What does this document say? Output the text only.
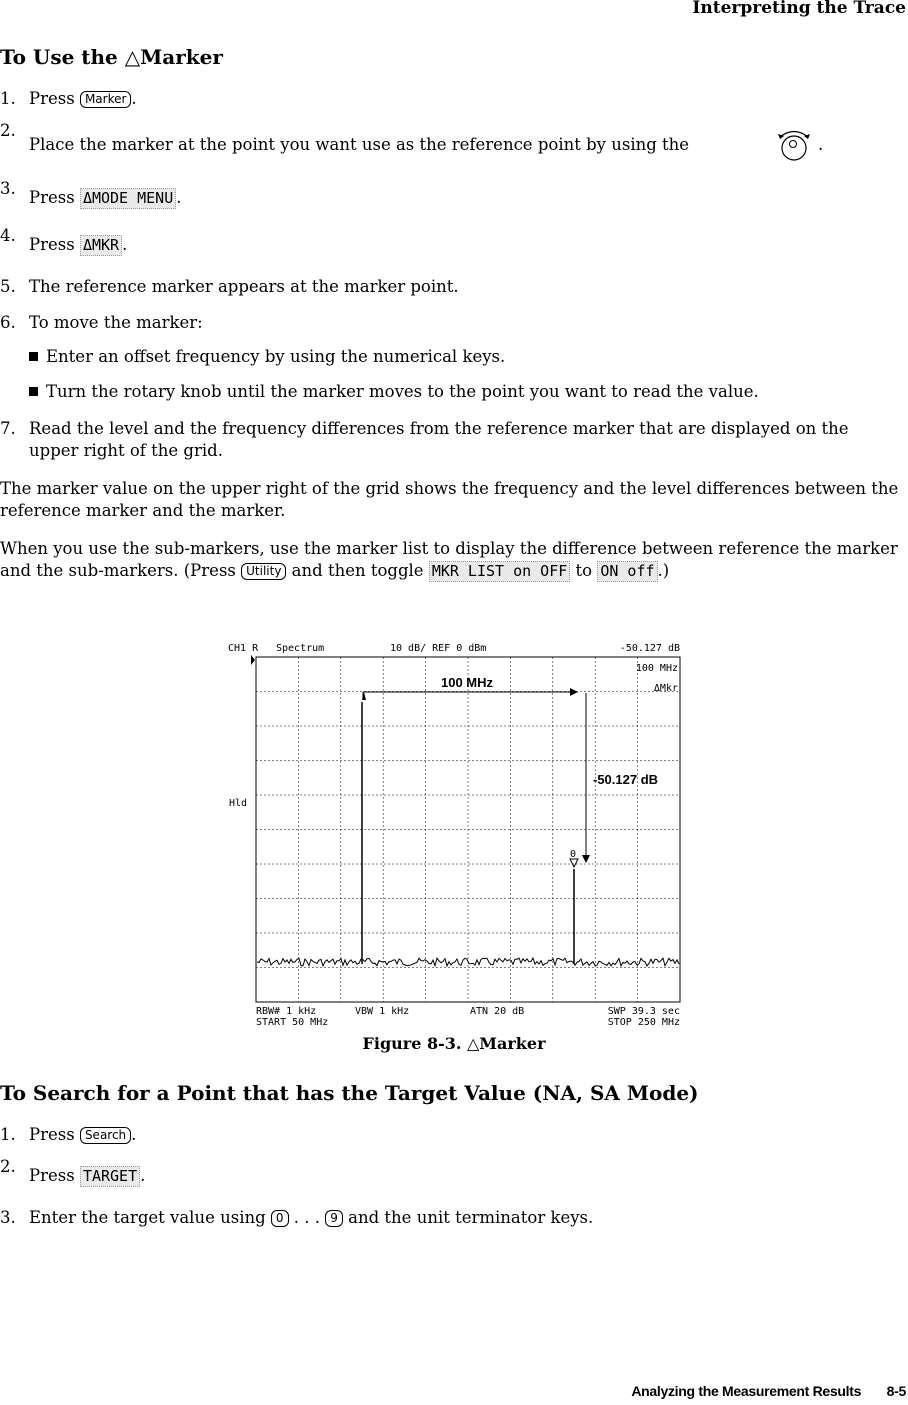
Interpreting the Trace
To Use the △Marker
1. Press Marker .
2.
Place the marker at the point you want use as the reference point by using the	.
3. Press ΔMODE MENU .
4. Press ΔMKR .
5. The reference marker appears at the marker point.
6. To move the marker:
Enter an offset frequency by using the numerical keys.
Turn the rotary knob until the marker moves to the point you want to read the value.
7. Read the level and the frequency differences from the reference marker that are displayed on the upper right of the grid.
The marker value on the upper right of the grid shows the frequency and the level differences between the reference marker and the marker.
When you use the sub-markers, use the marker list to display the difference between reference the marker and the sub-markers. (Press Utility and then toggle MKR LIST on OFF to ON off .)
CH1 R Spectrum	10 dB/ REF 0 dBm	-50.127 dB
100 MHz
ΔMkr
Hld
100 MHz
-50.127 dB
0
RBW# 1 kHz	VBW 1 kHz	ATN 20 dB	SWP 39.3 sec
START 50 MHz	STOP 250 MHz
Figure 8-3. △Marker
To Search for a Point that has the Target Value (NA, SA Mode)
1. Press Search .
2. Press TARGET .
3. Enter the target value using 0 . . . 9 and the unit terminator keys.
Analyzing the Measurement Results 8-5
